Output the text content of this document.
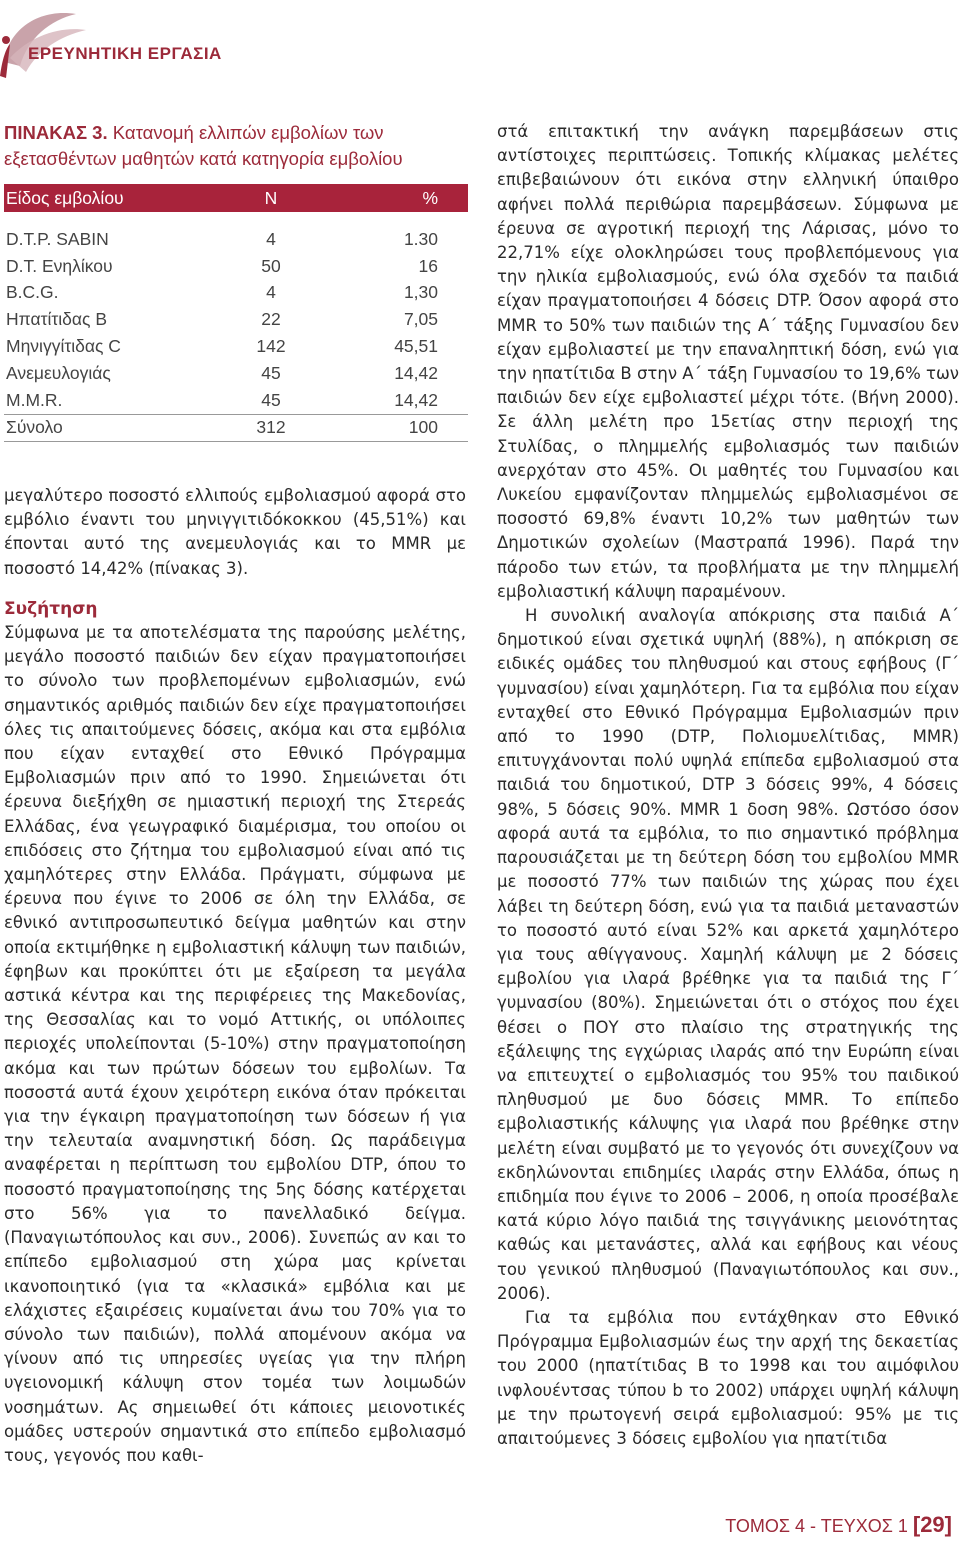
ΕΡΕΥΝΗΤΙΚΗ ΕΡΓΑΣΙΑ
ΠΙΝΑΚΑΣ 3. Κατανομή ελλιπών εμβολίων των εξετασθέντων μαθητών κατά κατηγορία εμβολίου
Είδος εμβολίου	N	%

D.T.P. SABIN	4	1.30
D.T. Ενηλίκου	50	16
B.C.G.	4	1,30
Ηπατίτιδας Β	22	7,05
Μηνιγγίτιδας C	142	45,51
Ανεμευλογιάς	45	14,42
M.M.R.	45	14,42
Σύνολο	312	100

μεγαλύτερο ποσοστό ελλιπούς εμβολιασμού αφορά στο εμβόλιο έναντι του μηνιγγιτιδόκοκκου (45,51%) και έπονται αυτό της ανεμευλογιάς και το MMR με ποσοστό 14,42% (πίνακας 3).

Συζήτηση

Σύμφωνα με τα αποτελέσματα της παρούσης μελέτης, μεγάλο ποσοστό παιδιών δεν είχαν πραγματοποιήσει το σύνολο των προβλεπομένων εμβολιασμών, ενώ σημαντικός αριθμός παιδιών δεν είχε πραγματοποιήσει όλες τις απαιτούμενες δόσεις, ακόμα και στα εμβόλια που είχαν ενταχθεί στο Εθνικό Πρόγραμμα Εμβολιασμών πριν από το 1990. Σημειώνεται ότι έρευνα διεξήχθη σε ημιαστική περιοχή της Στερεάς Ελλάδας, ένα γεωγραφικό διαμέρισμα, του οποίου οι επιδόσεις στο ζήτημα του εμβολιασμού είναι από τις χαμηλότερες στην Ελλάδα. Πράγματι, σύμφωνα με έρευνα που έγινε το 2006 σε όλη την Ελλάδα, σε εθνικό αντιπροσωπευτικό δείγμα μαθητών και στην οποία εκτιμήθηκε η εμβολιαστική κάλυψη των παιδιών, έφηβων και προκύπτει ότι με εξαίρεση τα μεγάλα αστικά κέντρα και της περιφέρειες της Μακεδονίας, της Θεσσαλίας και το νομό Αττικής, οι υπόλοιπες περιοχές υπολείπονται (5-10%) στην πραγματοποίηση ακόμα και των πρώτων δόσεων του εμβολίων. Τα ποσοστά αυτά έχουν χειρότερη εικόνα όταν πρόκειται για την έγκαιρη πραγματοποίηση των δόσεων ή για την τελευταία αναμνηστική δόση. Ως παράδειγμα αναφέρεται η περίπτωση του εμβολίου DTP, όπου το ποσοστό πραγματοποίησης της 5ης δόσης κατέρχεται στο 56% για το πανελλαδικό δείγμα. (Παναγιωτόπουλος και συν., 2006). Συνεπώς αν και το επίπεδο εμβολιασμού στη χώρα μας κρίνεται ικανοποιητικό (για τα «κλασικά» εμβόλια και με ελάχιστες εξαιρέσεις κυμαίνεται άνω του 70% για το σύνολο των παιδιών), πολλά απομένουν ακόμα να γίνουν από τις υπηρεσίες υγείας για την πλήρη υγειονομική κάλυψη στον τομέα των λοιμωδών νοσημάτων. Ας σημειωθεί ότι κάποιες μειονοτικές ομάδες υστερούν σημαντικά στο επίπεδο εμβολιασμό τους, γεγονός που καθι-

στά επιτακτική την ανάγκη παρεμβάσεων στις αντίστοιχες περιπτώσεις. Τοπικής κλίμακας μελέτες επιβεβαιώνουν ότι εικόνα στην ελληνική ύπαιθρο αφήνει πολλά περιθώρια παρεμβάσεων. Σύμφωνα με έρευνα σε αγροτική περιοχή της Λάρισας, μόνο το 22,71% είχε ολοκληρώσει τους προβλεπόμενους για την ηλικία εμβολιασμούς, ενώ όλα σχεδόν τα παιδιά είχαν πραγματοποιήσει 4 δόσεις DTP. Όσον αφορά στο MMR το 50% των παιδιών της Α΄ τάξης Γυμνασίου δεν είχαν εμβολιαστεί με την επαναληπτική δόση, ενώ για την ηπατίτιδα Β στην Α΄ τάξη Γυμνασίου το 19,6% των παιδιών δεν είχε εμβολιαστεί μέχρι τότε. (Βήνη 2000). Σε άλλη μελέτη προ 15ετίας στην περιοχή της Στυλίδας, ο πλημμελής εμβολιασμός των παιδιών ανερχόταν στο 45%. Οι μαθητές του Γυμνασίου και Λυκείου εμφανίζονταν πλημμελώς εμβολιασμένοι σε ποσοστό 69,8% έναντι 10,2% των μαθητών των Δημοτικών σχολείων (Μαστραπά 1996). Παρά την πάροδο των ετών, τα προβλήματα με την πλημμελή εμβολιαστική κάλυψη παραμένουν.

Η συνολική αναλογία απόκρισης στα παιδιά Α΄ δημοτικού είναι σχετικά υψηλή (88%), η απόκριση σε ειδικές ομάδες του πληθυσμού και στους εφήβους (Γ΄ γυμνασίου) είναι χαμηλότερη. Για τα εμβόλια που είχαν ενταχθεί στο Εθνικό Πρόγραμμα Εμβολιασμών πριν από το 1990 (DTP, Πολιομυελίτιδας, MMR) επιτυγχάνονται πολύ υψηλά επίπεδα εμβολιασμού στα παιδιά του δημοτικού, DTP 3 δόσεις 99%, 4 δόσεις 98%, 5 δόσεις 90%. MMR 1 δοση 98%. Ωστόσο όσον αφορά αυτά τα εμβόλια, το πιο σημαντικό πρόβλημα παρουσιάζεται με τη δεύτερη δόση του εμβολίου MMR με ποσοστό 77% των παιδιών της χώρας που έχει λάβει τη δεύτερη δόση, ενώ για τα παιδιά μεταναστών το ποσοστό αυτό είναι 52% και αρκετά χαμηλότερο για τους αθίγγανους. Χαμηλή κάλυψη με 2 δόσεις εμβολίου για ιλαρά βρέθηκε για τα παιδιά της Γ΄ γυμνασίου (80%). Σημειώνεται ότι ο στόχος που έχει θέσει ο ΠΟΥ στο πλαίσιο της στρατηγικής της εξάλειψης της εγχώριας ιλαράς από την Ευρώπη είναι να επιτευχτεί ο εμβολιασμός του 95% του παιδικού πληθυσμού με δυο δόσεις MMR. Το επίπεδο εμβολιαστικής κάλυψης για ιλαρά που βρέθηκε στην μελέτη είναι συμβατό με το γεγονός ότι συνεχίζουν να εκδηλώνονται επιδημίες ιλαράς στην Ελλάδα, όπως η επιδημία που έγινε το 2006 – 2006, η οποία προσέβαλε κατά κύριο λόγο παιδιά της τσιγγάνικης μειονότητας καθώς και μετανάστες, αλλά και εφήβους και νέους του γενικού πληθυσμού (Παναγιωτόπουλος και συν., 2006).

Για τα εμβόλια που εντάχθηκαν στο Εθνικό Πρόγραμμα Εμβολιασμών έως την αρχή της δεκαετίας του 2000 (ηπατίτιδας Β το 1998 και του αιμόφιλου ινφλουέντσας τύπου b το 2002) υπάρχει υψηλή κάλυψη με την πρωτογενή σειρά εμβολιασμού: 95% με τις απαιτούμενες 3 δόσεις εμβολίου για ηπατίτιδα

ΤΟΜΟΣ 4 - ΤΕΥΧΟΣ 1 [29]
